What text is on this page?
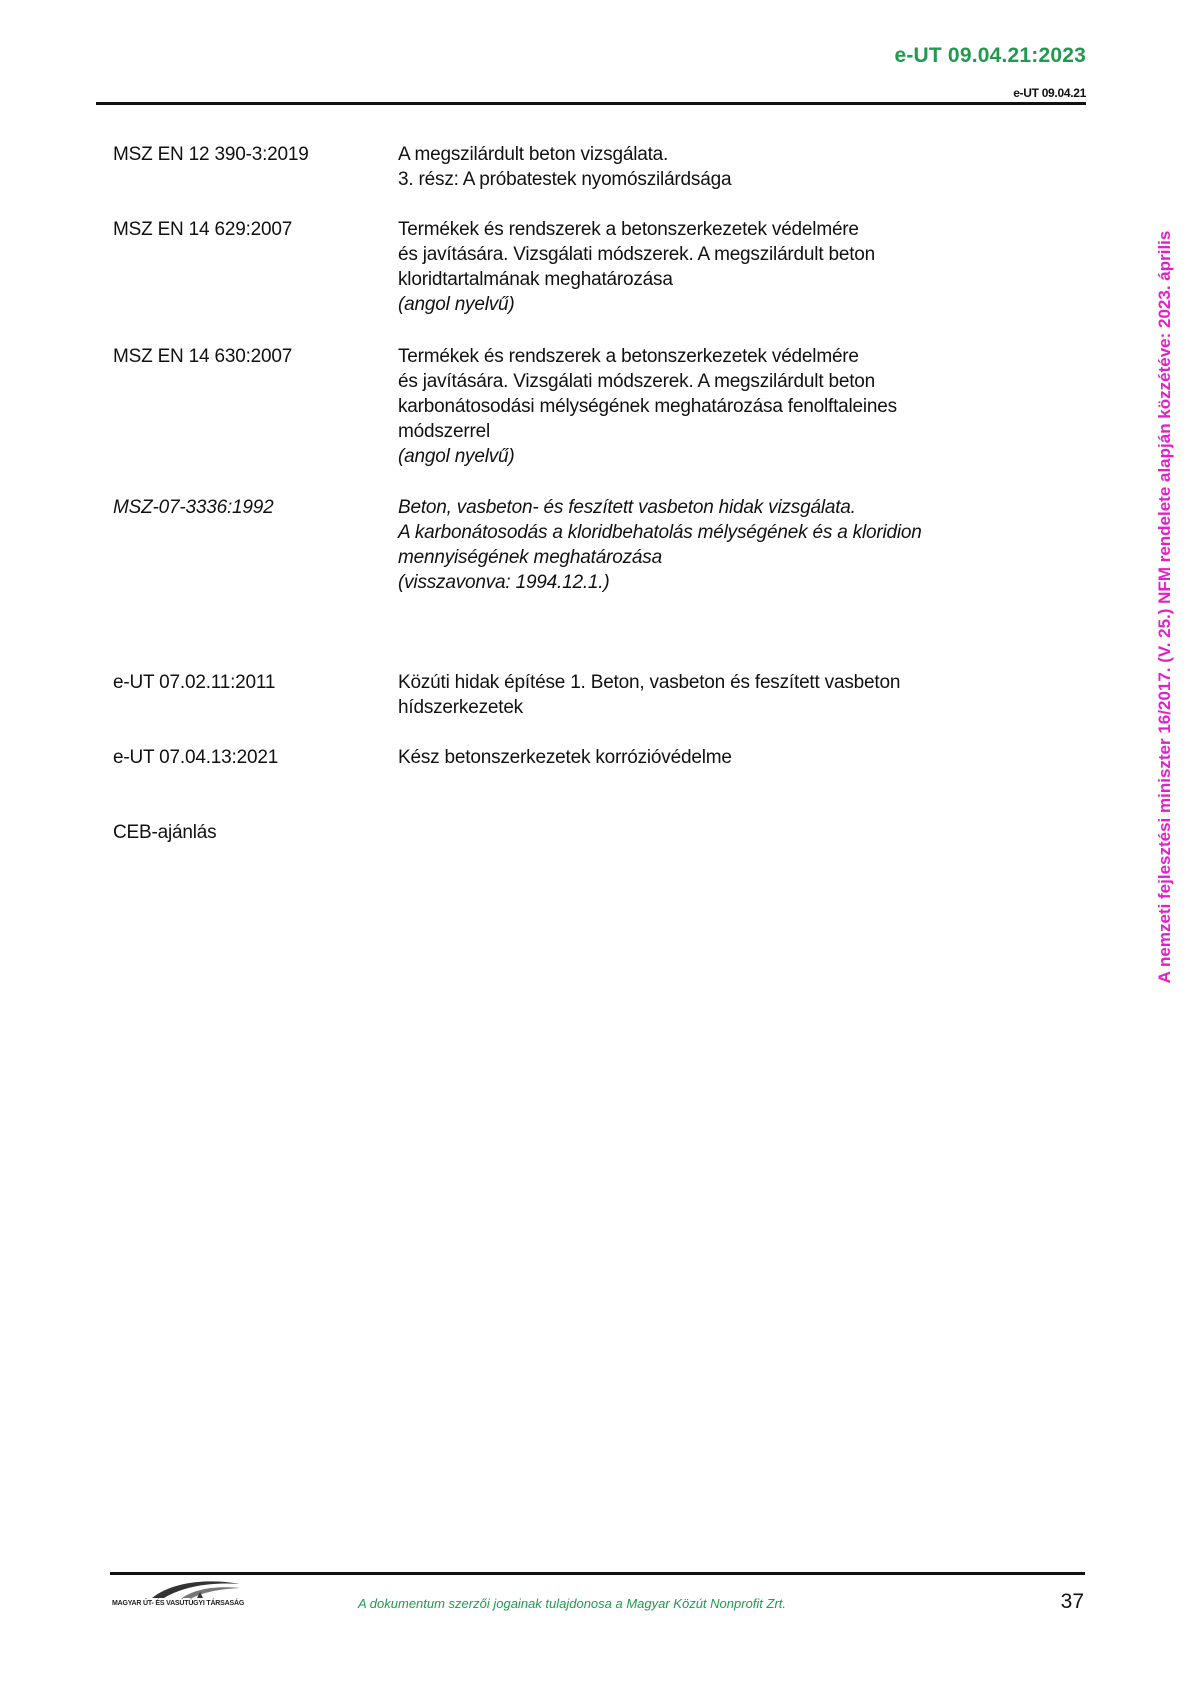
e-UT 09.04.21:2023
e-UT 09.04.21
A nemzeti fejlesztési miniszter 16/2017. (V. 25.) NFM rendelete alapján közzétéve: 2023. április
MSZ EN 12 390-3:2019	A megszilárdult beton vizsgálata.
3. rész: A próbatestek nyomószilárdsága
MSZ EN 14 629:2007	Termékek és rendszerek a betonszerkezetek védelmére
és javítására. Vizsgálati módszerek. A megszilárdult beton
kloridtartalmának meghatározása
(angol nyelvű)
MSZ EN 14 630:2007	Termékek és rendszerek a betonszerkezetek védelmére
és javítására. Vizsgálati módszerek. A megszilárdult beton
karbonátosodási mélységének meghatározása fenolftaleines
módszerrel
(angol nyelvű)
MSZ-07-3336:1992	Beton, vasbeton- és feszített vasbeton hidak vizsgálata.
A karbonátosodás a kloridbehatolás mélységének és a kloridion
mennyiségének meghatározása
(visszavonva: 1994.12.1.)
e-UT 07.02.11:2011	Közúti hidak építése 1. Beton, vasbeton és feszített vasbeton
hídszerkezetek
e-UT 07.04.13:2021	Kész betonszerkezetek korrózióvédelme
CEB-ajánlás
MAGYAR ÚT- ÉS VASÚTÜGYI TÁRSASÁG	A dokumentum szerzői jogainak tulajdonosa a Magyar Közút Nonprofit Zrt.	37
